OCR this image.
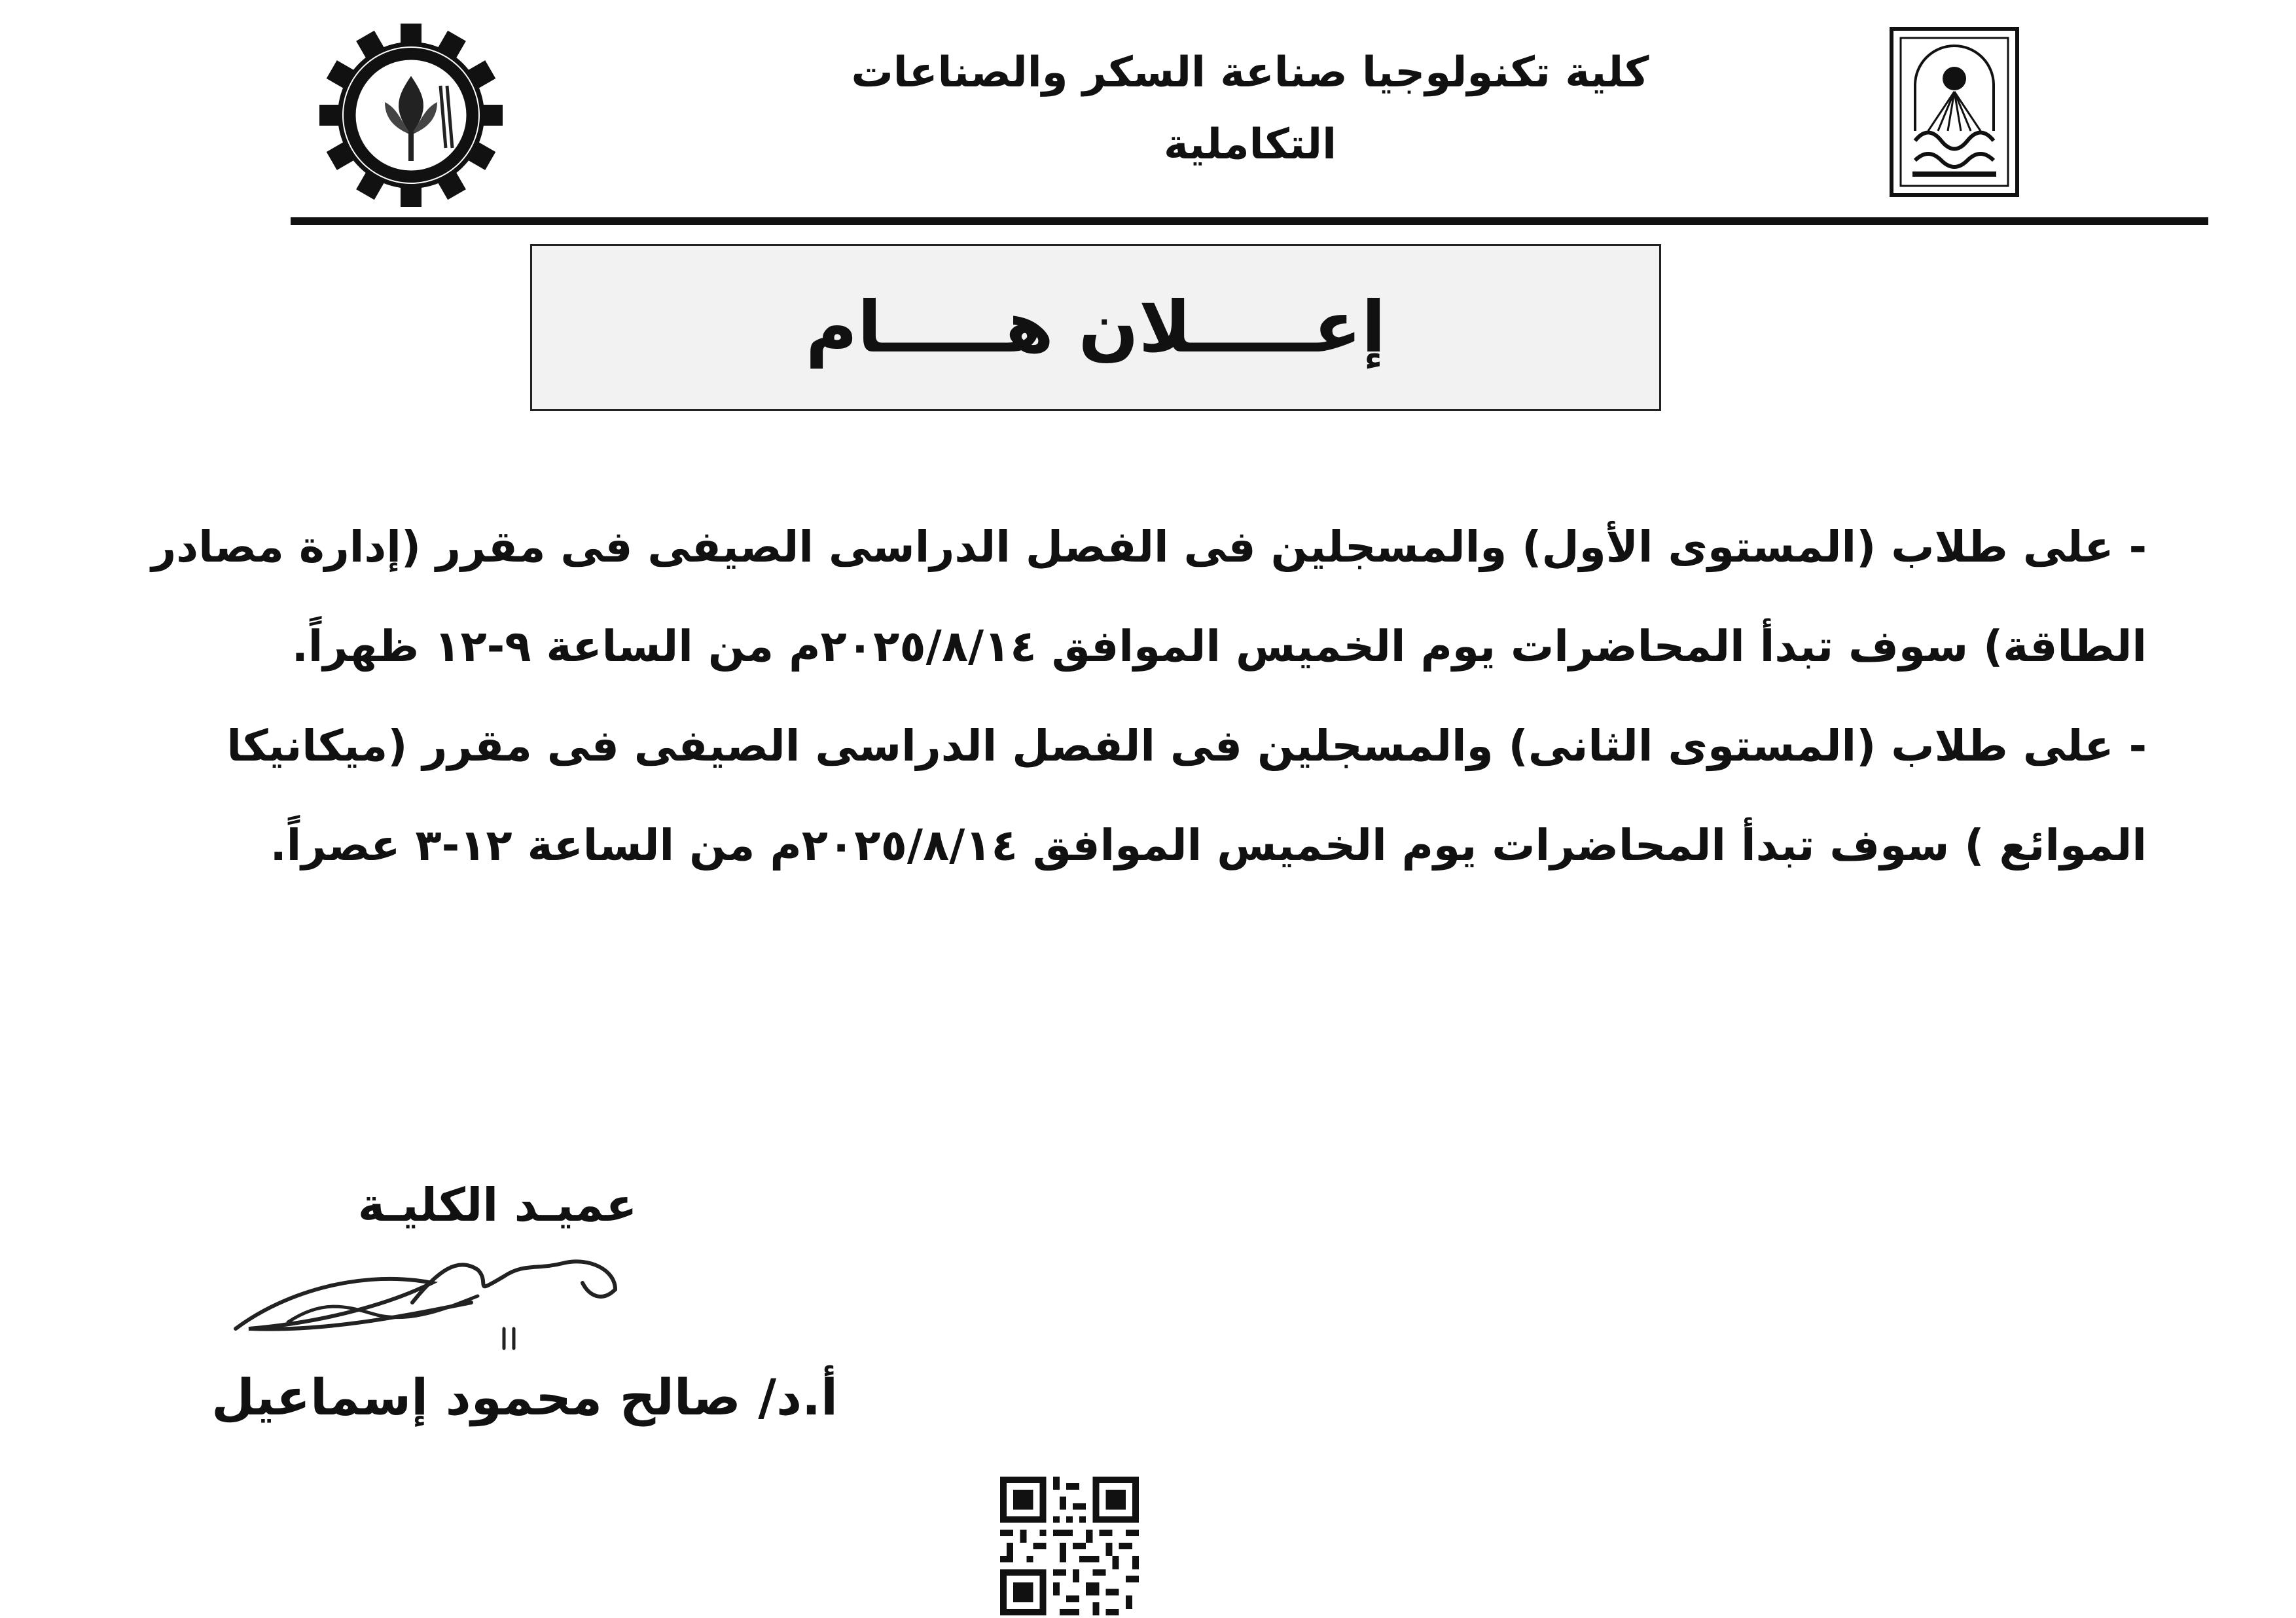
كلية تكنولوجيا صناعة السكر والصناعات التكاملية
إعـــــلان هـــــام

- على طلاب (المستوى الأول) والمسجلين فى الفصل الدراسى الصيفى فى مقرر (إدارة مصادر الطاقة) سوف تبدأ المحاضرات يوم الخميس الموافق ٢٠٢٥/٨/١٤م من الساعة ٩-١٢ ظهراً.

- على طلاب (المستوى الثانى) والمسجلين فى الفصل الدراسى الصيفى فى مقرر (ميكانيكا الموائع ) سوف تبدأ المحاضرات يوم الخميس الموافق ٢٠٢٥/٨/١٤م من الساعة ١٢-٣ عصراً.

عميـد الكليـة
أ.د/ صالح محمود إسماعيل
